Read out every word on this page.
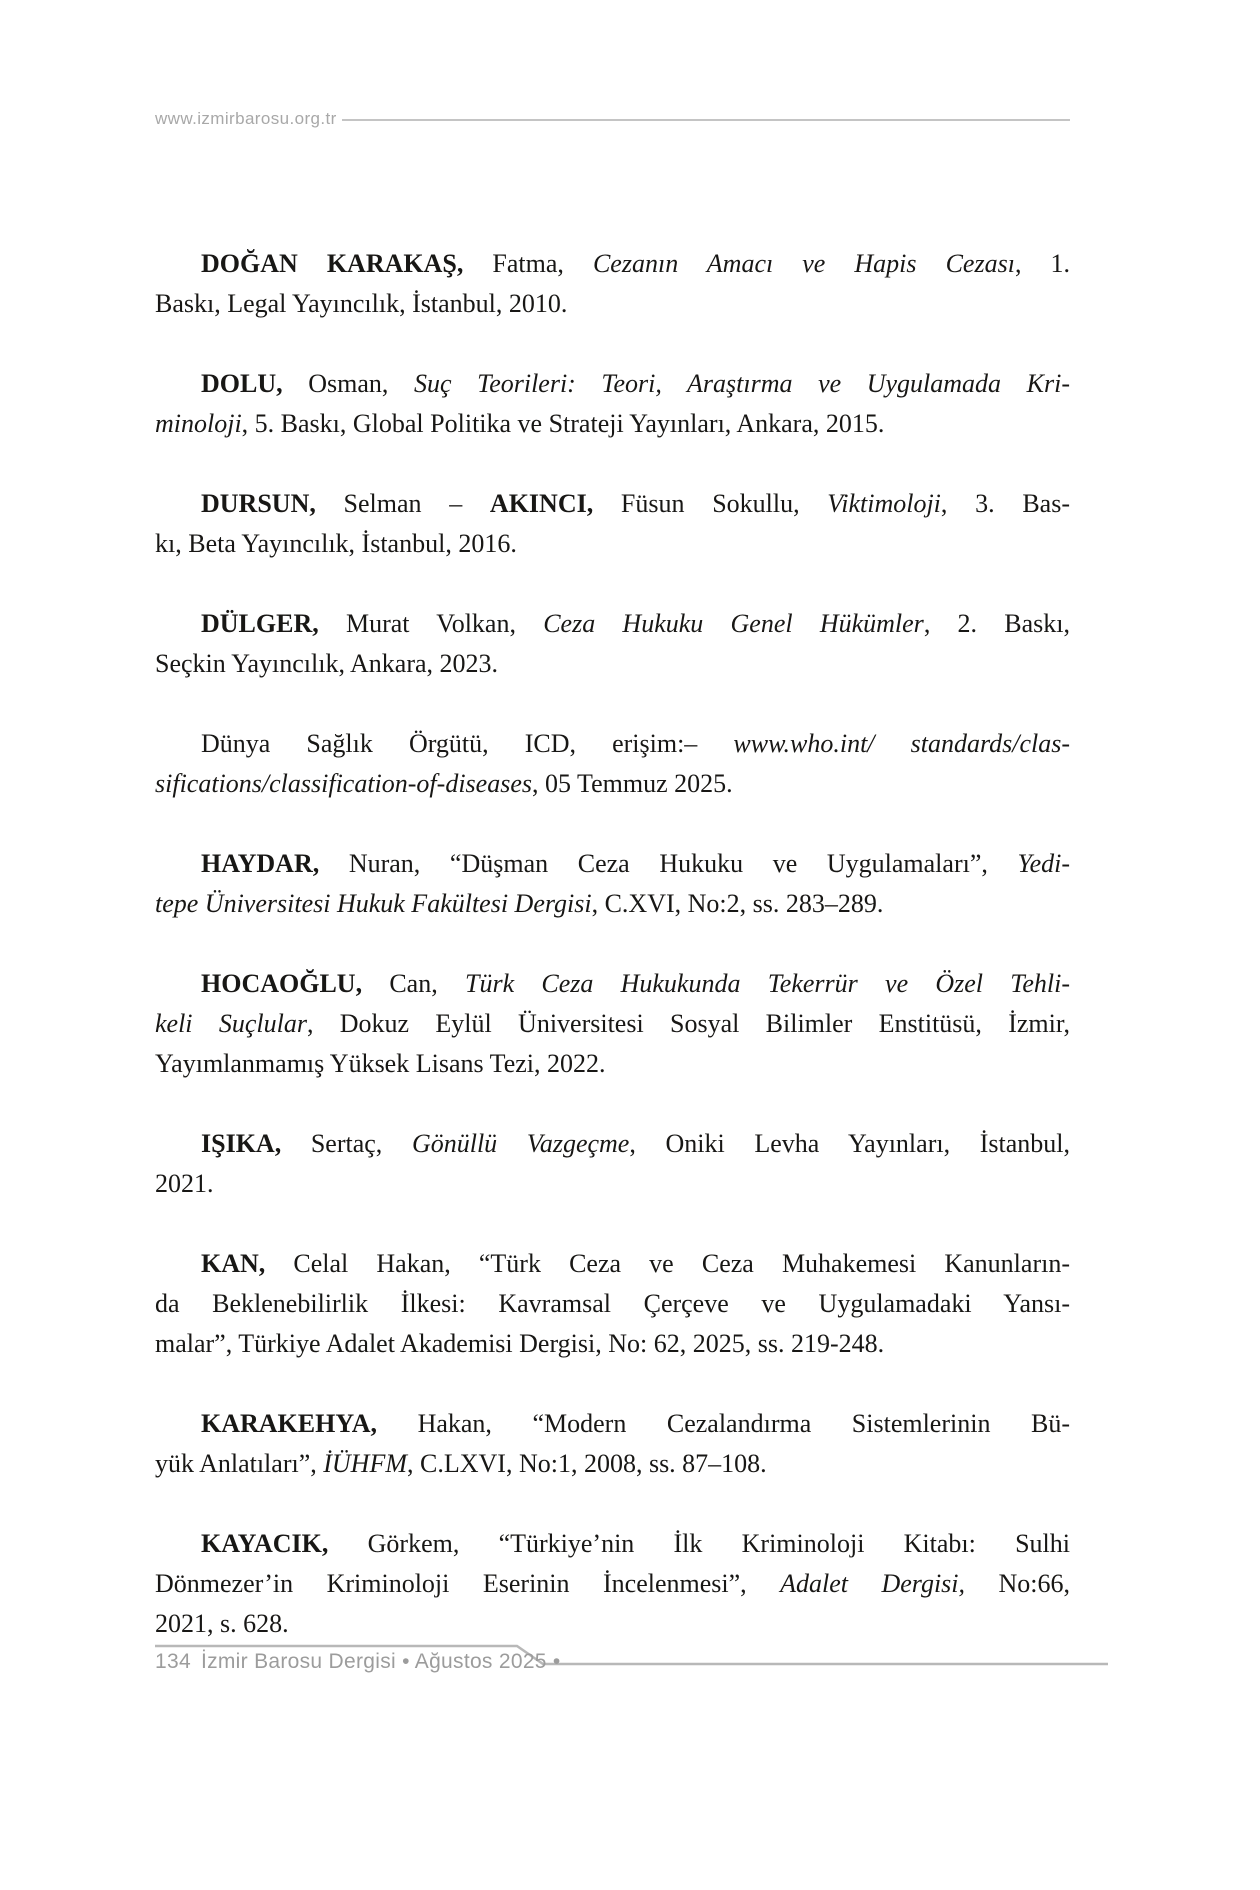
www.izmirbarosu.org.tr
DOĞAN KARAKAŞ, Fatma, Cezanın Amacı ve Hapis Cezası, 1.
Baskı, Legal Yayıncılık, İstanbul, 2010.
DOLU, Osman, Suç Teorileri: Teori, Araştırma ve Uygulamada Kri-
minoloji, 5. Baskı, Global Politika ve Strateji Yayınları, Ankara, 2015.
DURSUN, Selman – AKINCI, Füsun Sokullu, Viktimoloji, 3. Bas-
kı, Beta Yayıncılık, İstanbul, 2016.
DÜLGER, Murat Volkan, Ceza Hukuku Genel Hükümler, 2. Baskı,
Seçkin Yayıncılık, Ankara, 2023.
Dünya Sağlık Örgütü, ICD, erişim:– www.who.int/ standards/clas-
sifications/classification-of-diseases, 05 Temmuz 2025.
HAYDAR, Nuran, “Düşman Ceza Hukuku ve Uygulamaları”, Yedi-
tepe Üniversitesi Hukuk Fakültesi Dergisi, C.XVI, No:2, ss. 283–289.
HOCAOĞLU, Can, Türk Ceza Hukukunda Tekerrür ve Özel Tehli-
keli Suçlular, Dokuz Eylül Üniversitesi Sosyal Bilimler Enstitüsü, İzmir,
Yayımlanmamış Yüksek Lisans Tezi, 2022.
IŞIKA, Sertaç, Gönüllü Vazgeçme, Oniki Levha Yayınları, İstanbul,
2021.
KAN, Celal Hakan, “Türk Ceza ve Ceza Muhakemesi Kanunların-
da Beklenebilirlik İlkesi: Kavramsal Çerçeve ve Uygulamadaki Yansı-
malar”, Türkiye Adalet Akademisi Dergisi, No: 62, 2025, ss. 219-248.
KARAKEHYA, Hakan, “Modern Cezalandırma Sistemlerinin Bü-
yük Anlatıları”, İÜHFM, C.LXVI, No:1, 2008, ss. 87–108.
KAYACIK, Görkem, “Türkiye’nin İlk Kriminoloji Kitabı: Sulhi
Dönmezer’in Kriminoloji Eserinin İncelenmesi”, Adalet Dergisi, No:66,
2021, s. 628.
134 İzmir Barosu Dergisi • Ağustos 2025 •
